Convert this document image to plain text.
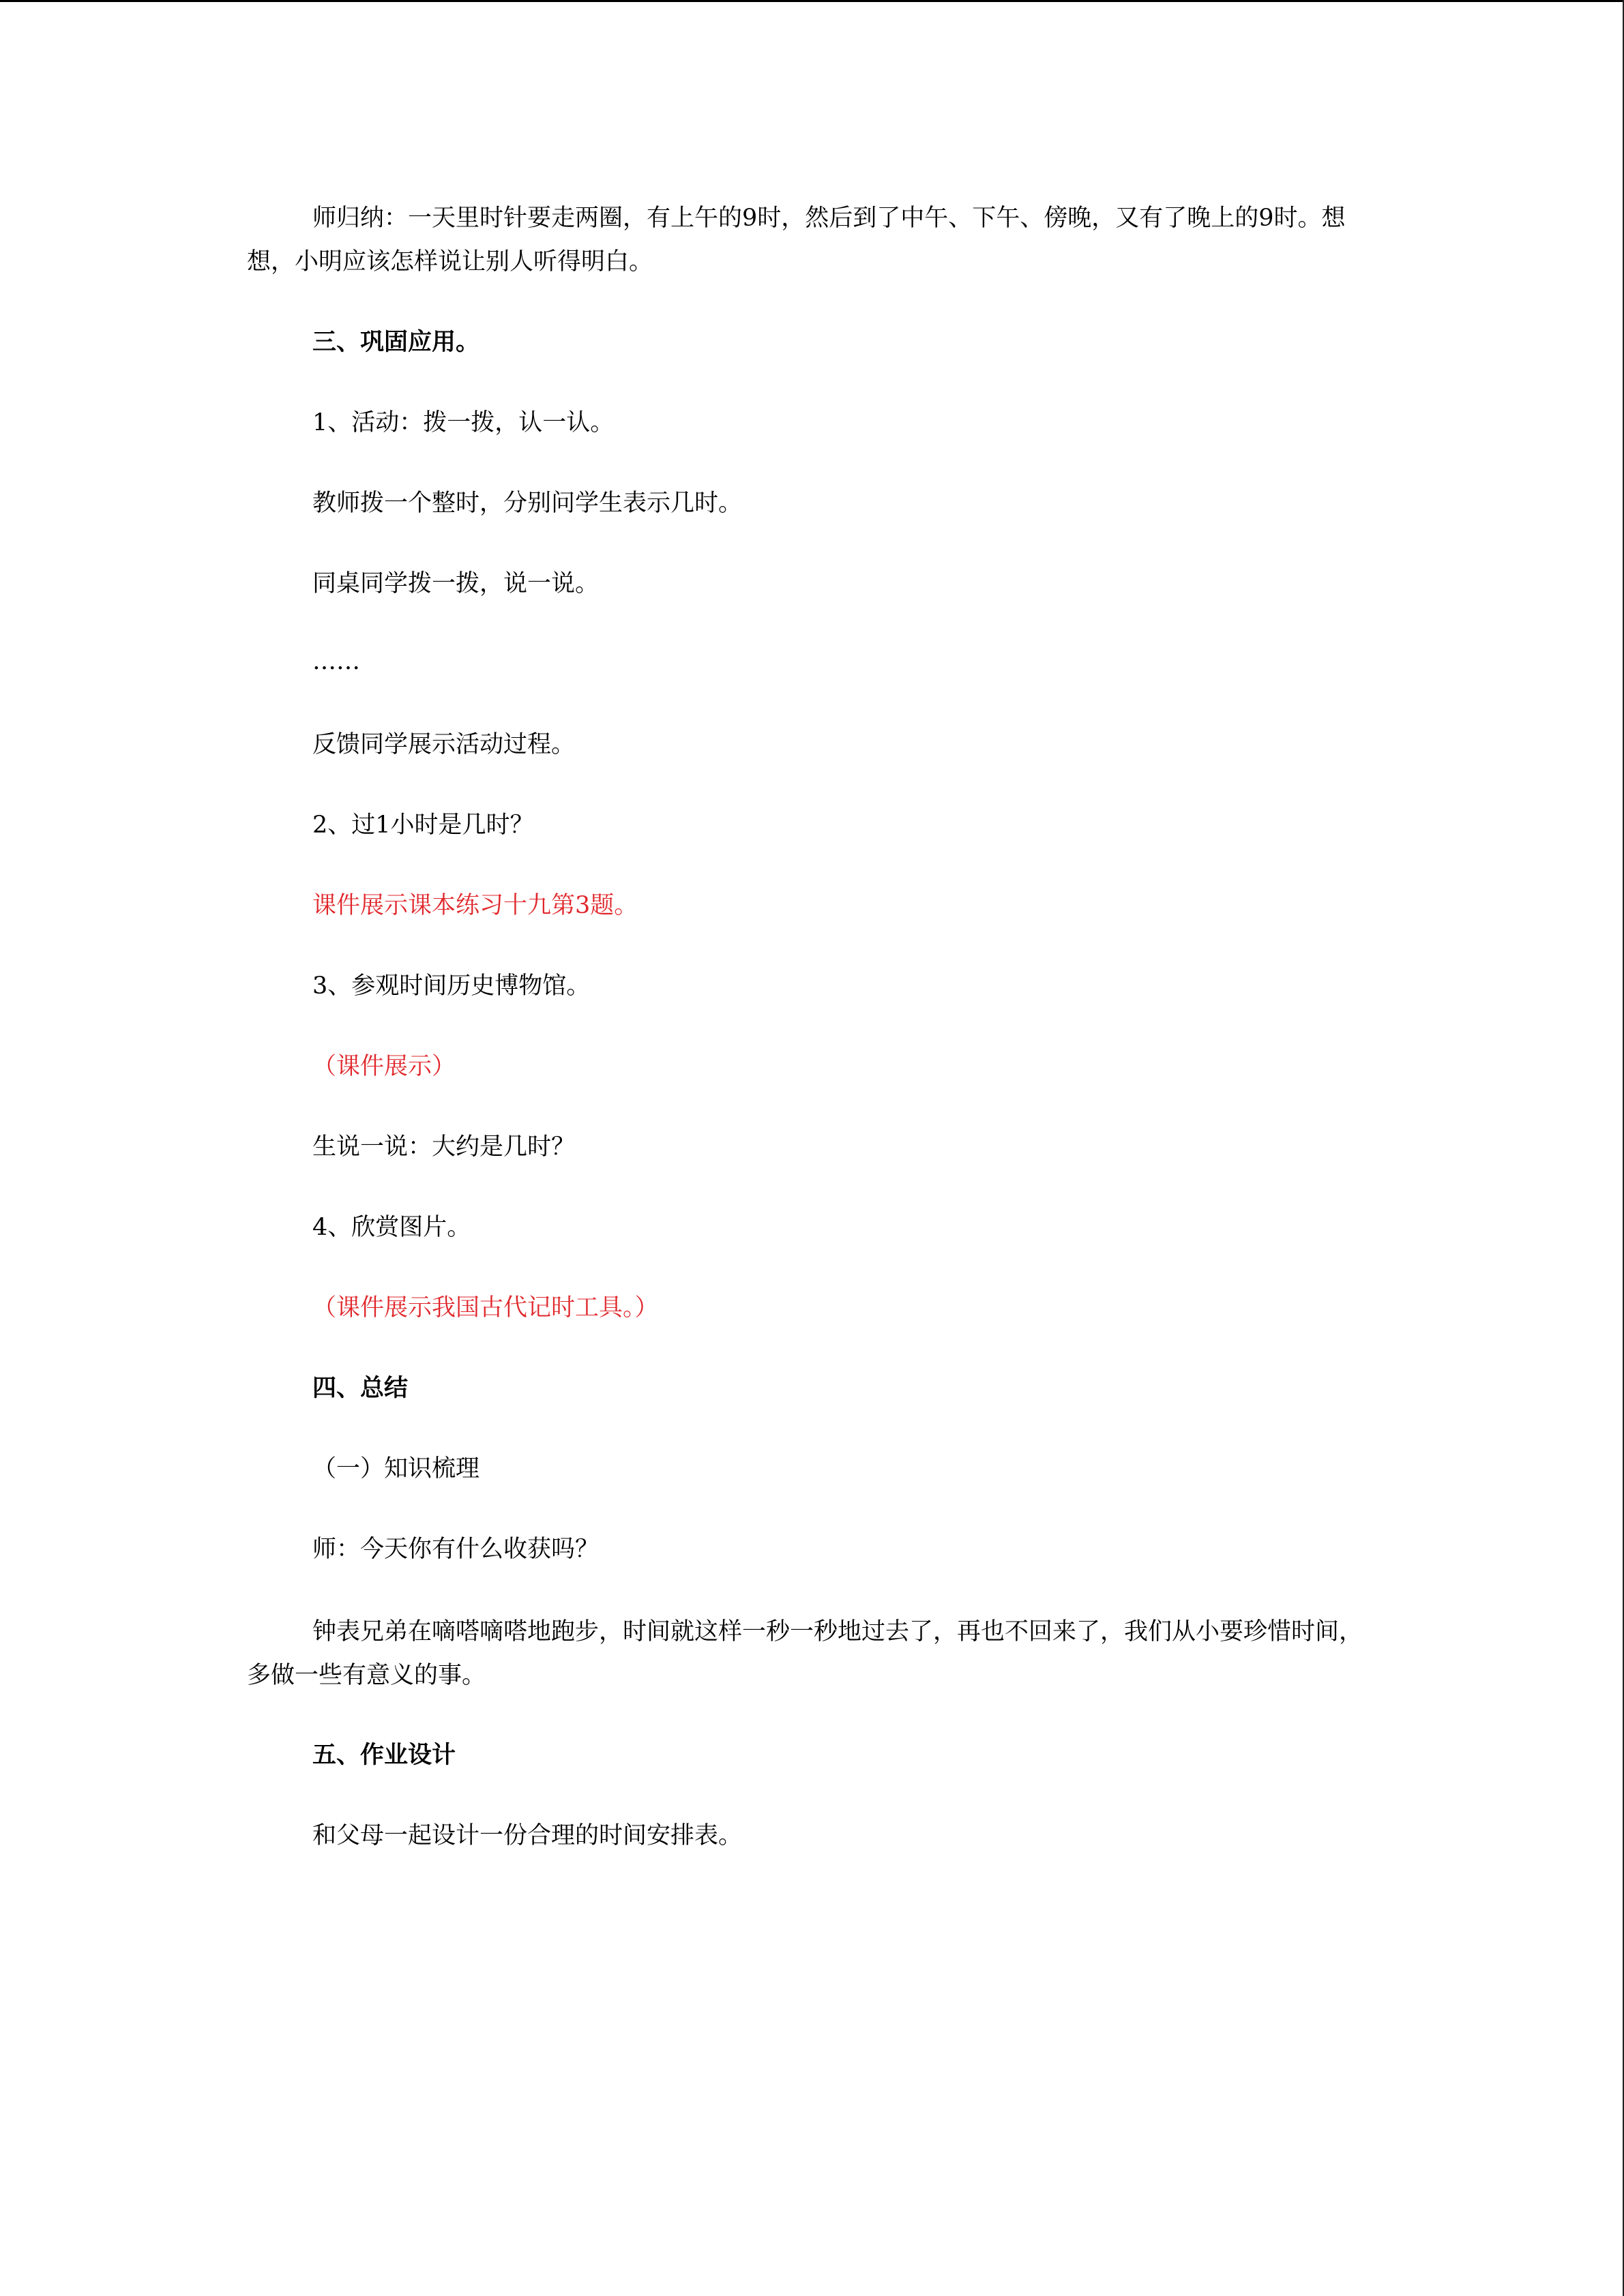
师归纳：一天里时针要走两圈，有上午的9时，然后到了中午、下午、傍晚，又有了晚上的9时。想想，小明应该怎样说让别人听得明白。

三、巩固应用。

1、活动：拨一拨，认一认。

教师拨一个整时，分别问学生表示几时。

同桌同学拨一拨，说一说。

……

反馈同学展示活动过程。

2、过1小时是几时？

课件展示课本练习十九第3题。

3、参观时间历史博物馆。

（课件展示）

生说一说：大约是几时？

4、欣赏图片。

（课件展示我国古代记时工具。）

四、总结

（一）知识梳理

师：今天你有什么收获吗？

钟表兄弟在嘀嗒嘀嗒地跑步，时间就这样一秒一秒地过去了，再也不回来了，我们从小要珍惜时间，多做一些有意义的事。

五、作业设计

和父母一起设计一份合理的时间安排表。
